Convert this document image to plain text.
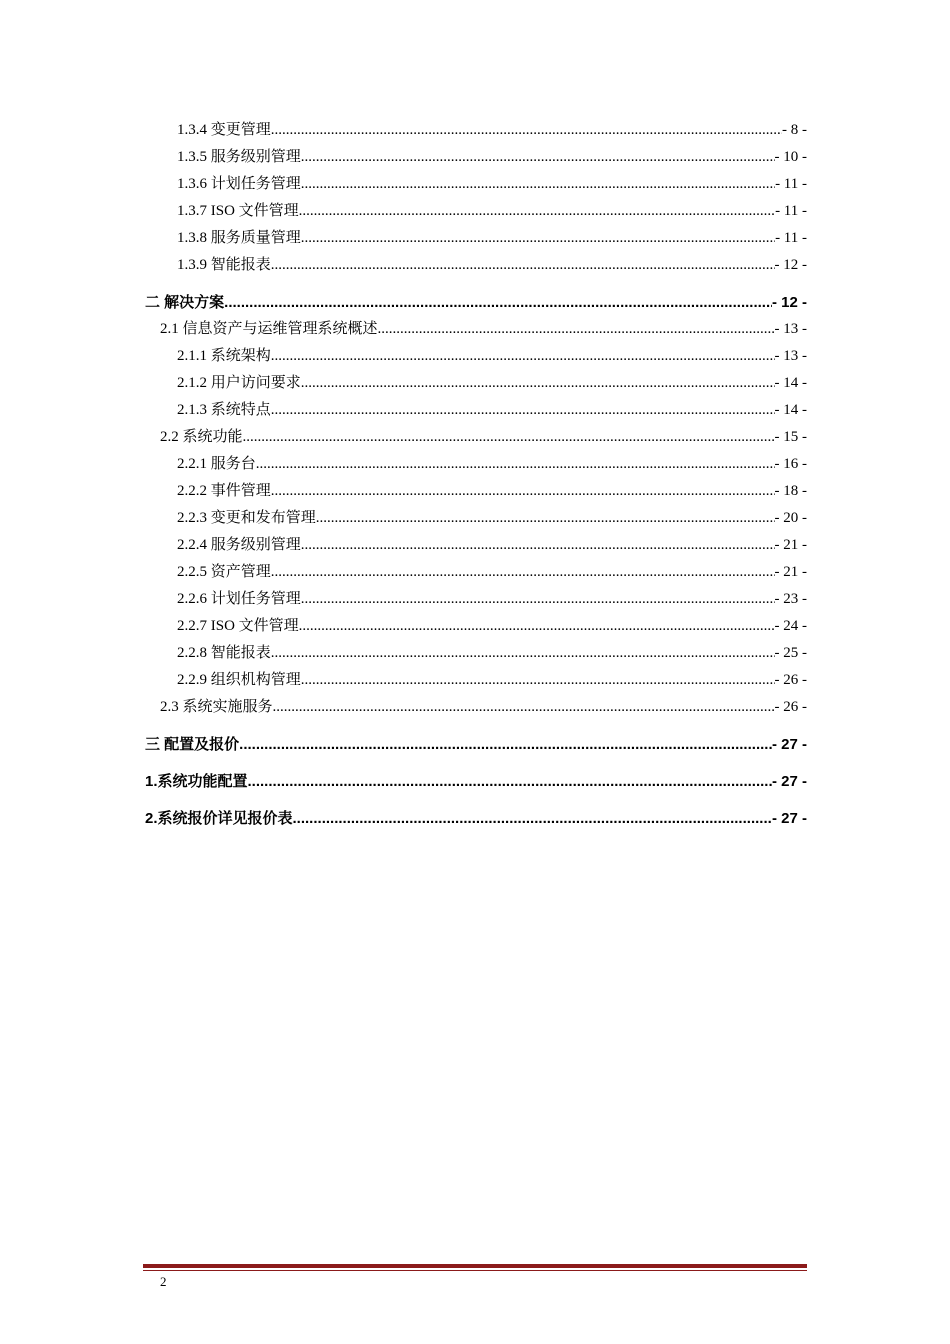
1.3.4 变更管理 .....	- 8 -
1.3.5 服务级别管理 .....	- 10 -
1.3.6 计划任务管理 .....	- 11 -
1.3.7 ISO 文件管理 .....	- 11 -
1.3.8 服务质量管理 .....	- 11 -
1.3.9 智能报表 .....	- 12 -
二 解决方案 .....	- 12 -
2.1 信息资产与运维管理系统概述 .....	- 13 -
2.1.1 系统架构 .....	- 13 -
2.1.2 用户访问要求 .....	- 14 -
2.1.3 系统特点 .....	- 14 -
2.2 系统功能 .....	- 15 -
2.2.1 服务台 .....	- 16 -
2.2.2 事件管理 .....	- 18 -
2.2.3 变更和发布管理 .....	- 20 -
2.2.4 服务级别管理 .....	- 21 -
2.2.5 资产管理 .....	- 21 -
2.2.6 计划任务管理 .....	- 23 -
2.2.7 ISO 文件管理 .....	- 24 -
2.2.8 智能报表 .....	- 25 -
2.2.9 组织机构管理 .....	- 26 -
2.3 系统实施服务 .....	- 26 -
三 配置及报价 .....	- 27 -
1.系统功能配置 .....	- 27 -
2.系统报价详见报价表 .....	- 27 -
2
